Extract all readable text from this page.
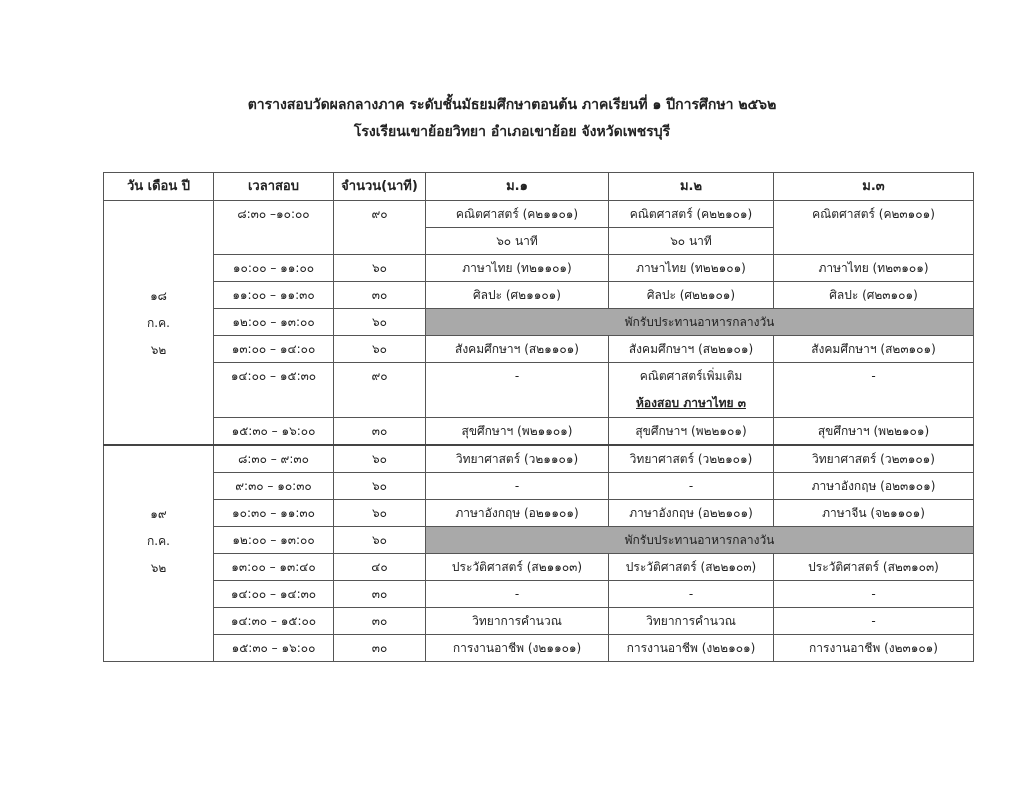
ตารางสอบวัดผลกลางภาค ระดับชั้นมัธยมศึกษาตอนต้น ภาคเรียนที่ ๑ ปีการศึกษา ๒๕๖๒
โรงเรียนเขาย้อยวิทยา อำเภอเขาย้อย จังหวัดเพชรบุรี
วัน เดือน ปี	เวลาสอบ	จำนวน(นาที)	ม.๑	ม.๒	ม.๓

๑๘
ก.ค.
๖๒	๘:๓๐ –๑๐:๐๐	๙๐	คณิตศาสตร์ (ค๒๑๑๐๑)	คณิตศาสตร์ (ค๒๒๑๐๑)	คณิตศาสตร์ (ค๒๓๑๐๑)
			๖๐ นาที	๖๐ นาที	
	๑๐:๐๐ – ๑๑:๐๐	๖๐	ภาษาไทย (ท๒๑๑๐๑)	ภาษาไทย (ท๒๒๑๐๑)	ภาษาไทย (ท๒๓๑๐๑)
	๑๑:๐๐ – ๑๑:๓๐	๓๐	ศิลปะ (ศ๒๑๑๐๑)	ศิลปะ (ศ๒๒๑๐๑)	ศิลปะ (ศ๒๓๑๐๑)
	๑๒:๐๐ – ๑๓:๐๐	๖๐	พักรับประทานอาหารกลางวัน		
	๑๓:๐๐ – ๑๔:๐๐	๖๐	สังคมศึกษาฯ (ส๒๑๑๐๑)	สังคมศึกษาฯ (ส๒๒๑๐๑)	สังคมศึกษาฯ (ส๒๓๑๐๑)
	๑๔:๐๐ – ๑๕:๓๐	๙๐	-	คณิตศาสตร์เพิ่มเติม
ห้องสอบ ภาษาไทย ๓	-
	๑๕:๓๐ – ๑๖:๐๐	๓๐	สุขศึกษาฯ (พ๒๑๑๐๑)	สุขศึกษาฯ (พ๒๒๑๐๑)	สุขศึกษาฯ (พ๒๒๑๐๑)

๑๙
ก.ค.
๖๒	๘:๓๐ – ๙:๓๐	๖๐	วิทยาศาสตร์ (ว๒๑๑๐๑)	วิทยาศาสตร์ (ว๒๒๑๐๑)	วิทยาศาสตร์ (ว๒๓๑๐๑)
	๙:๓๐ – ๑๐:๓๐	๖๐	-	-	ภาษาอังกฤษ (อ๒๓๑๐๑)
	๑๐:๓๐ – ๑๑:๓๐	๖๐	ภาษาอังกฤษ (อ๒๑๑๐๑)	ภาษาอังกฤษ (อ๒๒๑๐๑)	ภาษาจีน (จ๒๑๑๐๑)
	๑๒:๐๐ – ๑๓:๐๐	๖๐	พักรับประทานอาหารกลางวัน		
	๑๓:๐๐ – ๑๓:๔๐	๔๐	ประวัติศาสตร์ (ส๒๑๑๐๓)	ประวัติศาสตร์ (ส๒๒๑๐๓)	ประวัติศาสตร์ (ส๒๓๑๐๓)
	๑๔:๐๐ – ๑๔:๓๐	๓๐	-	-	-
	๑๔:๓๐ – ๑๕:๐๐	๓๐	วิทยาการคำนวณ	วิทยาการคำนวณ	-
	๑๕:๓๐ – ๑๖:๐๐	๓๐	การงานอาชีพ (ง๒๑๑๐๑)	การงานอาชีพ (ง๒๒๑๐๑)	การงานอาชีพ (ง๒๓๑๐๑)
